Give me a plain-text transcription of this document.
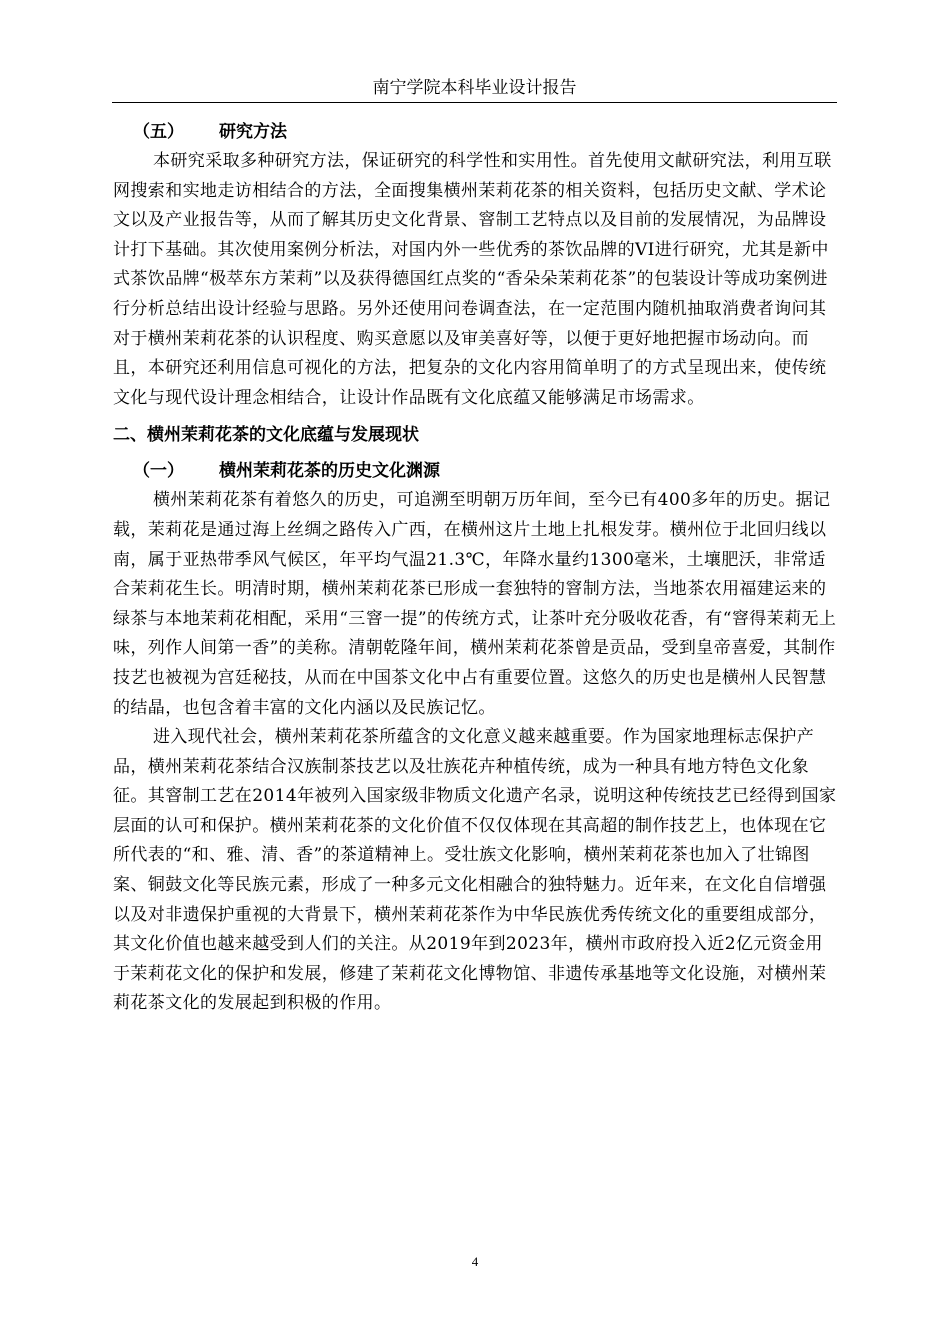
南宁学院本科毕业设计报告
（五） 研究方法

本研究采取多种研究方法，保证研究的科学性和实用性。首先使用文献研究法，利用互联网搜索和实地走访相结合的方法，全面搜集横州茉莉花茶的相关资料，包括历史文献、学术论文以及产业报告等，从而了解其历史文化背景、窨制工艺特点以及目前的发展情况，为品牌设计打下基础。其次使用案例分析法，对国内外一些优秀的茶饮品牌的VI进行研究，尤其是新中式茶饮品牌“极萃东方茉莉”以及获得德国红点奖的“香朵朵茉莉花茶”的包装设计等成功案例进行分析总结出设计经验与思路。另外还使用问卷调查法，在一定范围内随机抽取消费者询问其对于横州茉莉花茶的认识程度、购买意愿以及审美喜好等，以便于更好地把握市场动向。而且，本研究还利用信息可视化的方法，把复杂的文化内容用简单明了的方式呈现出来，使传统文化与现代设计理念相结合，让设计作品既有文化底蕴又能够满足市场需求。

二、横州茉莉花茶的文化底蕴与发展现状
（一） 横州茉莉花茶的历史文化渊源

横州茉莉花茶有着悠久的历史，可追溯至明朝万历年间，至今已有400多年的历史。据记载，茉莉花是通过海上丝绸之路传入广西，在横州这片土地上扎根发芽。横州位于北回归线以南，属于亚热带季风气候区，年平均气温21.3℃，年降水量约1300毫米，土壤肥沃，非常适合茉莉花生长。明清时期，横州茉莉花茶已形成一套独特的窨制方法，当地茶农用福建运来的绿茶与本地茉莉花相配，采用“三窨一提”的传统方式，让茶叶充分吸收花香，有“窨得茉莉无上味，列作人间第一香”的美称。清朝乾隆年间，横州茉莉花茶曾是贡品，受到皇帝喜爱，其制作技艺也被视为宫廷秘技，从而在中国茶文化中占有重要位置。这悠久的历史也是横州人民智慧的结晶，也包含着丰富的文化内涵以及民族记忆。

进入现代社会，横州茉莉花茶所蕴含的文化意义越来越重要。作为国家地理标志保护产品，横州茉莉花茶结合汉族制茶技艺以及壮族花卉种植传统，成为一种具有地方特色文化象征。其窨制工艺在2014年被列入国家级非物质文化遗产名录，说明这种传统技艺已经得到国家层面的认可和保护。横州茉莉花茶的文化价值不仅仅体现在其高超的制作技艺上，也体现在它所代表的“和、雅、清、香”的茶道精神上。受壮族文化影响，横州茉莉花茶也加入了壮锦图案、铜鼓文化等民族元素，形成了一种多元文化相融合的独特魅力。近年来，在文化自信增强以及对非遗保护重视的大背景下，横州茉莉花茶作为中华民族优秀传统文化的重要组成部分，其文化价值也越来越受到人们的关注。从2019年到2023年，横州市政府投入近2亿元资金用于茉莉花文化的保护和发展，修建了茉莉花文化博物馆、非遗传承基地等文化设施，对横州茉莉花茶文化的发展起到积极的作用。

4
